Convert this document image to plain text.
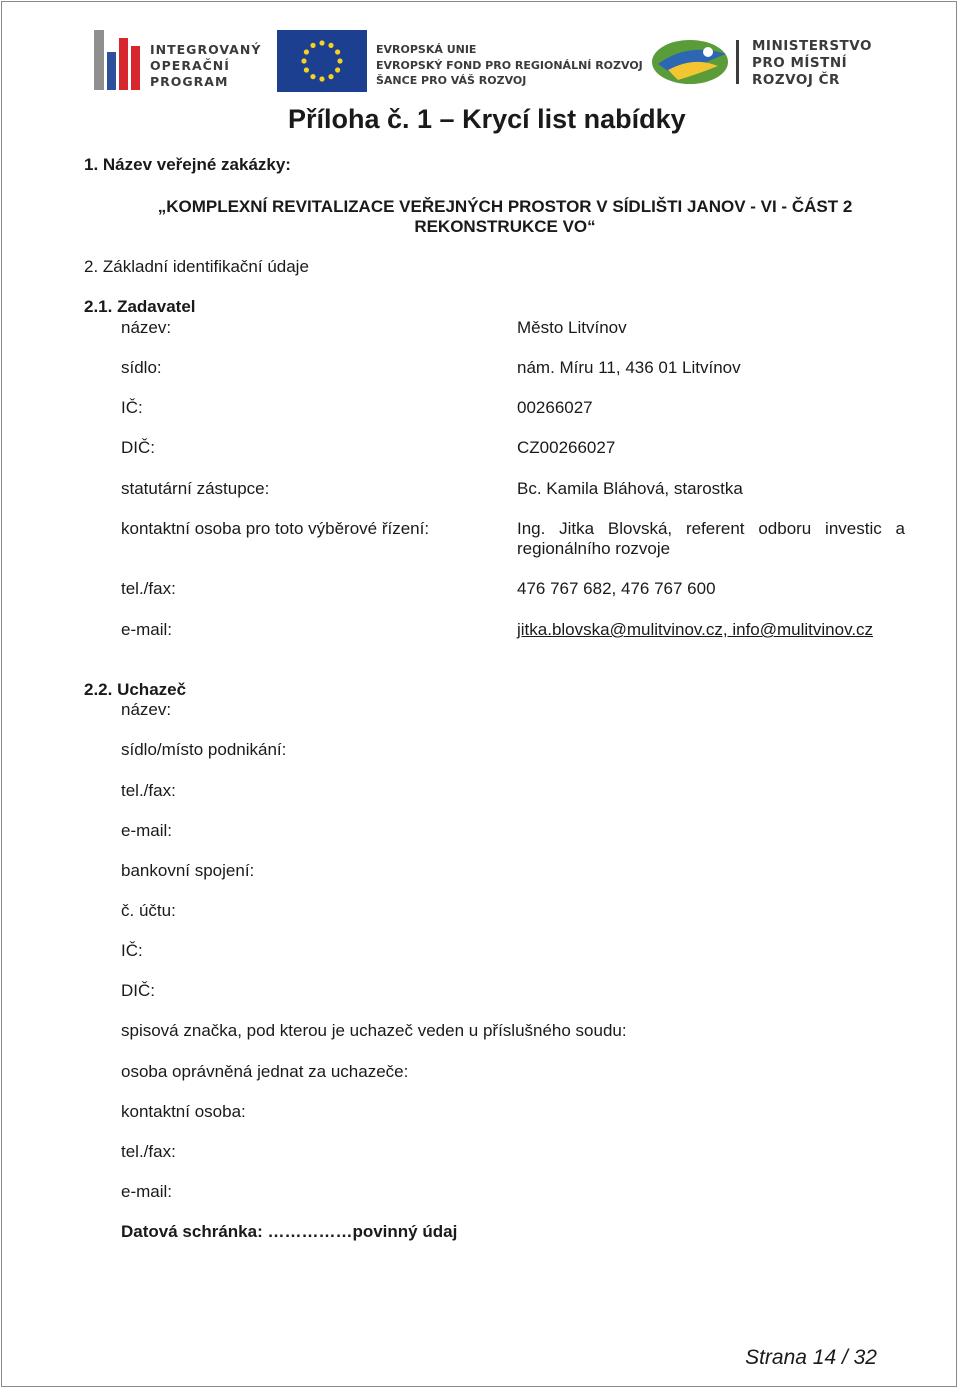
INTEGROVANÝ
OPERAČNÍ
PROGRAM
EVROPSKÁ UNIE
EVROPSKÝ FOND PRO REGIONÁLNÍ ROZVOJ
ŠANCE PRO VÁŠ ROZVOJ
MINISTERSTVO
PRO MÍSTNÍ
ROZVOJ ČR
Příloha č. 1 – Krycí list nabídky
1. Název veřejné zakázky:
„KOMPLEXNÍ REVITALIZACE VEŘEJNÝCH PROSTOR V SÍDLIŠTI JANOV - VI - ČÁST 2
REKONSTRUKCE VO“
2. Základní identifikační údaje
2.1. Zadavatel
název:	Město Litvínov
sídlo:	nám. Míru 11, 436 01 Litvínov
IČ:	00266027
DIČ:	CZ00266027
statutární zástupce:	Bc. Kamila Bláhová, starostka
kontaktní osoba pro toto výběrové řízení:	Ing. Jitka Blovská, referent odboru investic a regionálního rozvoje
tel./fax:	476 767 682, 476 767 600
e-mail:	jitka.blovska@mulitvinov.cz, info@mulitvinov.cz
2.2. Uchazeč
název:
sídlo/místo podnikání:
tel./fax:
e-mail:
bankovní spojení:
č. účtu:
IČ:
DIČ:
spisová značka, pod kterou je uchazeč veden u příslušného soudu:
osoba oprávněná jednat za uchazeče:
kontaktní osoba:
tel./fax:
e-mail:
Datová schránka: ……………povinný údaj
Strana 14 / 32
